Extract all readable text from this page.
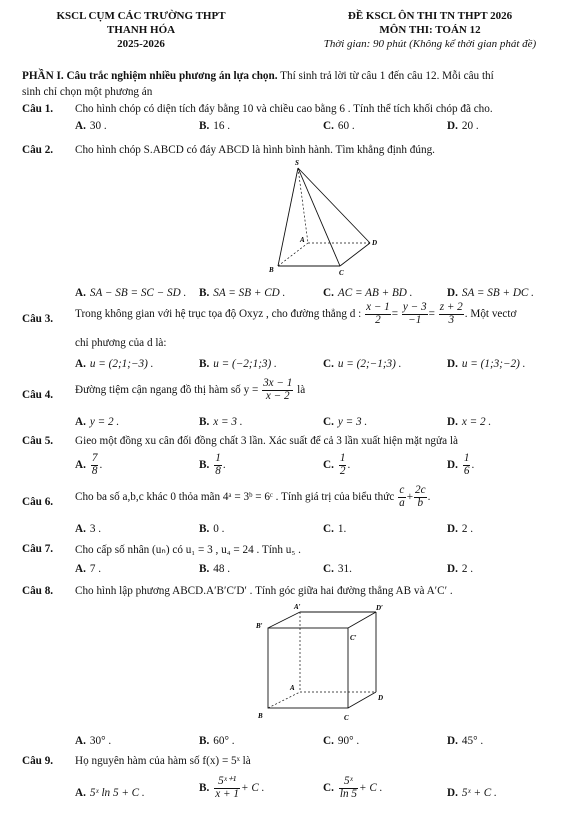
KSCL CỤM CÁC TRƯỜNG THPT
THANH HÓA
2025-2026
ĐỀ KSCL ÔN THI TN THPT 2026
MÔN THI: TOÁN 12
Thời gian: 90 phút (Không kể thời gian phát đề)
PHẦN I. Câu trắc nghiệm nhiều phương án lựa chọn. Thí sinh trả lời từ câu 1 đến câu 12. Mỗi câu thí
sinh chỉ chọn một phương án
Câu 1. Cho hình chóp có diện tích đáy bằng 10 và chiều cao bằng 6 . Tính thể tích khối chóp đã cho.
A. 30 .	B. 16 .	C. 60 .	D. 20 .
Câu 2. Cho hình chóp S.ABCD có đáy ABCD là hình bình hành. Tìm khẳng định đúng.
S
A
B	C
D
A. SA − SB = SC − SD . B. SA = SB + CD .	C. AC = AB + BD .	D. SA = SB + DC .
Câu 3. Trong không gian với hệ trục tọa độ Oxyz , cho đường thẳng d : $\frac{x - 1}{2} = \frac{y - 3}{-1} = \frac{z + 2}{3}$ . Một vectơ
chỉ phương của d là:
A. u = (2;1;−3) .	B. u = (−2;1;3) .	C. u = (2;−1;3) .	D. u = (1;3;−2) .
Câu 4. Đường tiệm cận ngang đồ thị hàm số $y = \frac{3x - 1}{x - 2}$ là
A. y = 2 .	B. x = 3 .	C. y = 3 .	D. x = 2 .
Câu 5. Gieo một đồng xu cân đối đồng chất 3 lần. Xác suất để cả 3 lần xuất hiện mặt ngửa là
A. $\frac{7}{8}$ .	B. $\frac{1}{8}$ .	C. $\frac{1}{2}$ .	D. $\frac{1}{6}$ .
Câu 6. Cho ba số a,b,c khác 0 thỏa mãn 4ᵃ = 3ᵇ = 6ᶜ . Tính giá trị của biểu thức $\frac{c}{a} + \frac{2c}{b}$ .
A. 3 .	B. 0 .	C. 1.	D. 2 .
Câu 7. Cho cấp số nhân (uₙ) có u₁ = 3 , u₄ = 24 . Tính u₅ .
A. 7 .	B. 48 .	C. 31.	D. 2 .
Câu 8. Cho hình lập phương ABCD.A′B′C′D′ . Tính góc giữa hai đường thẳng AB và A′C′ .
A′	D′
B′
C′
A
D
B	C
A. 30° .	B. 60° .	C. 90° .	D. 45° .
Câu 9. Họ nguyên hàm của hàm số f(x) = 5ˣ là
A. 5ˣ ln 5 + C .	B. $\frac{\text{5ˣ⁺¹}}{x + 1} + C$ .	C. $\frac{\text{5ˣ}}{\ln 5} + C$ .	D. 5ˣ + C .
